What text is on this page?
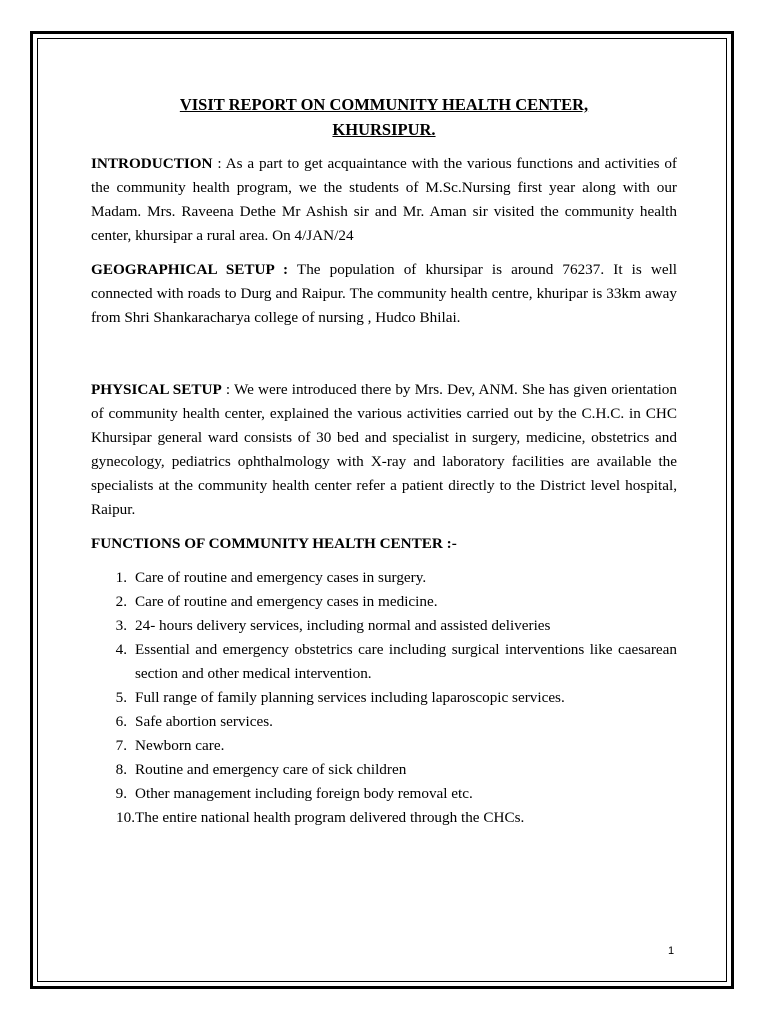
VISIT REPORT ON COMMUNITY HEALTH CENTER,
KHURSIPUR.

INTRODUCTION : As a part to get acquaintance with the various functions and activities of the community health program, we the students of M.Sc.Nursing first year along with our Madam. Mrs. Raveena Dethe Mr Ashish sir and Mr. Aman sir visited the community health center, khursipar a rural area. On 4/JAN/24

GEOGRAPHICAL SETUP : The population of khursipar is around 76237. It is well connected with roads to Durg and Raipur. The community health centre, khuripar is 33km away from Shri Shankaracharya college of nursing , Hudco Bhilai.

PHYSICAL SETUP : We were introduced there by Mrs. Dev, ANM. She has given orientation of community health center, explained the various activities carried out by the C.H.C. in CHC Khursipar general ward consists of 30 bed and specialist in surgery, medicine, obstetrics and gynecology, pediatrics ophthalmology with X-ray and laboratory facilities are available the specialists at the community health center refer a patient directly to the District level hospital, Raipur.

FUNCTIONS OF COMMUNITY HEALTH CENTER :-
1. Care of routine and emergency cases in surgery.
2. Care of routine and emergency cases in medicine.
3. 24- hours delivery services, including normal and assisted deliveries
4. Essential and emergency obstetrics care including surgical interventions like caesarean section and other medical intervention.
5. Full range of family planning services including laparoscopic services.
6. Safe abortion services.
7. Newborn care.
8. Routine and emergency care of sick children
9. Other management including foreign body removal etc.
10. The entire national health program delivered through the CHCs.
1
